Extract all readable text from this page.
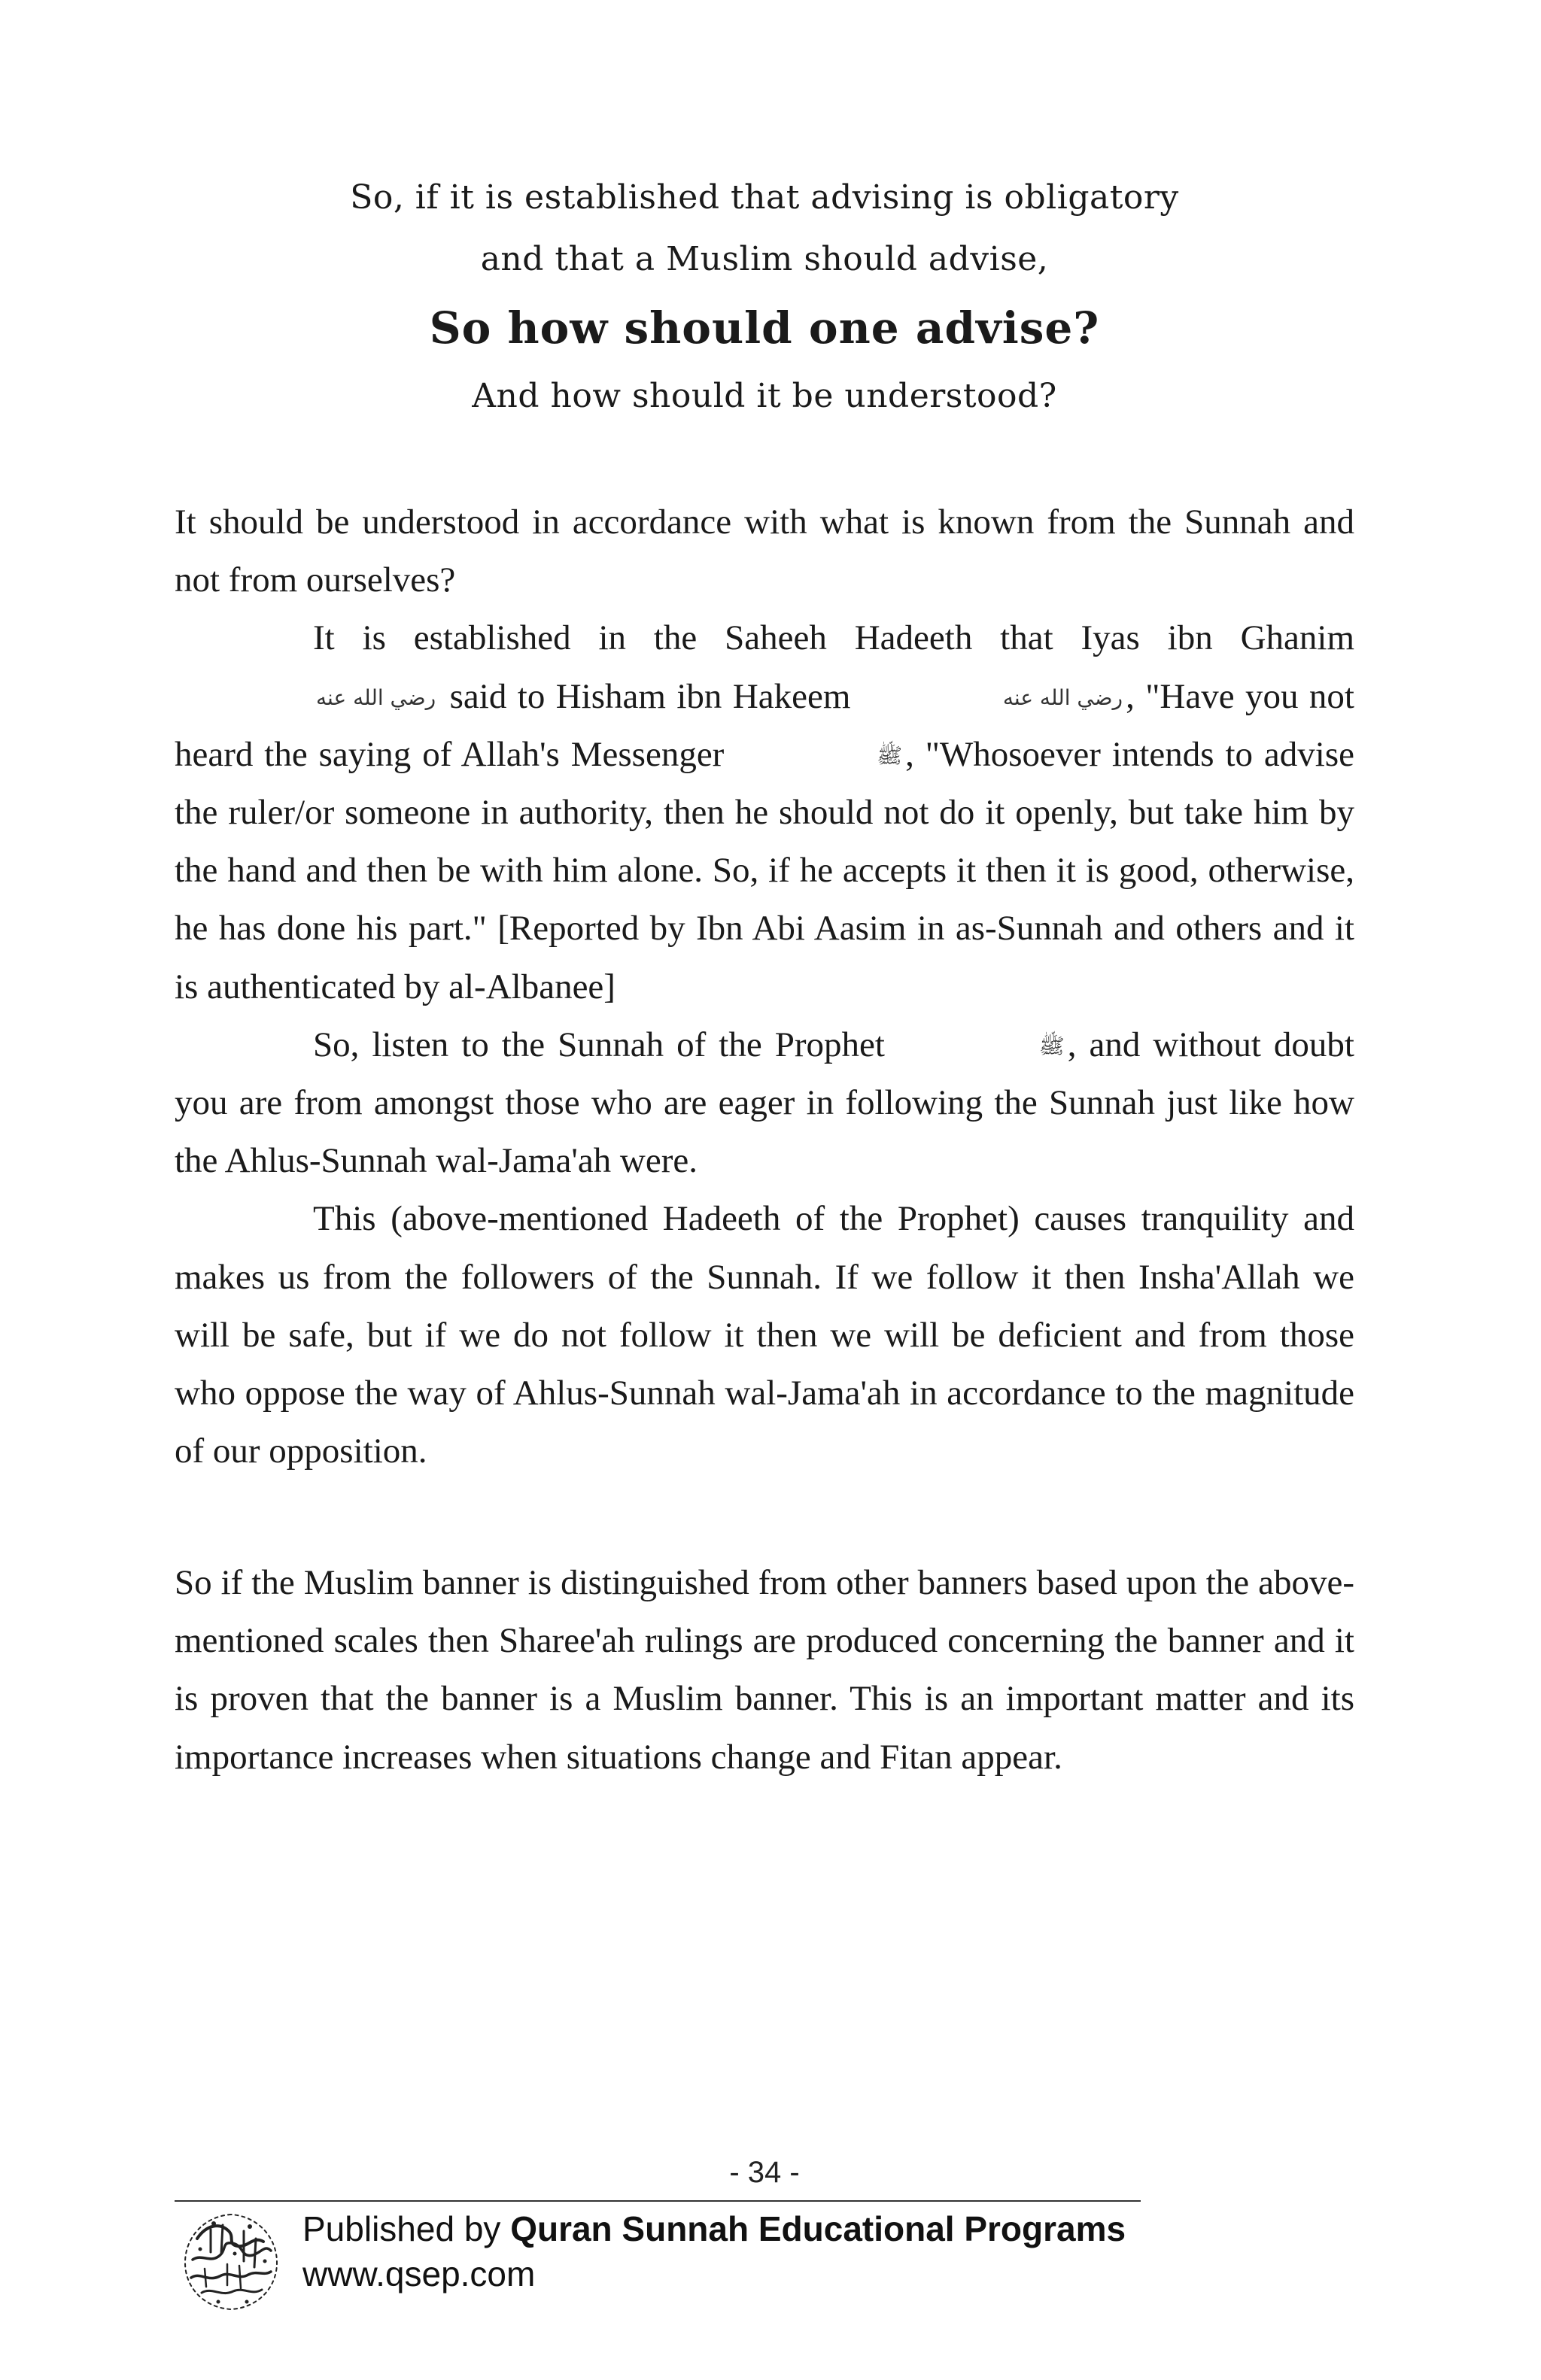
So, if it is established that advising is obligatory
and that a Muslim should advise,
So how should one advise?
And how should it be understood?

It should be understood in accordance with what is known from the Sunnah and not from ourselves?

It is established in the Saheeh Hadeeth that Iyas ibn Ghanim رضي الله عنه said to Hisham ibn Hakeem	رضي الله عنه, "Have you not heard the saying of Allah's Messenger	ﷺ, "Whosoever intends to advise the ruler/or someone in authority, then he should not do it openly, but take him by the hand and then be with him alone. So, if he accepts it then it is good, otherwise, he has done his part." [Reported by Ibn Abi Aasim in as-Sunnah and others and it is authenticated by al-Albanee]

So, listen to the Sunnah of the Prophet	ﷺ, and without doubt you are from amongst those who are eager in following the Sunnah just like how the Ahlus-Sunnah wal-Jama'ah were.

This (above-mentioned Hadeeth of the Prophet) causes tranquility and makes us from the followers of the Sunnah. If we follow it then Insha'Allah we will be safe, but if we do not follow it then we will be deficient and from those who oppose the way of Ahlus-Sunnah wal-Jama'ah in accordance to the magnitude of our opposition.

So if the Muslim banner is distinguished from other banners based upon the above-mentioned scales then Sharee'ah rulings are produced concerning the banner and it is proven that the banner is a Muslim banner. This is an important matter and its importance increases when situations change and Fitan appear.

- 34 -
Published by Quran Sunnah Educational Programs
www.qsep.com
